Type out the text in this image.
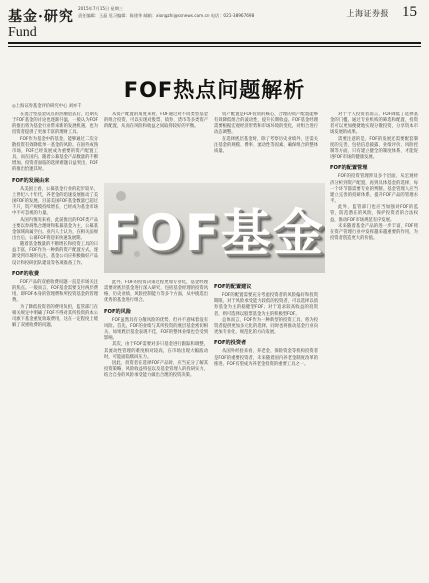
基金·研究
Fund
2015年7月15日 星期三
责任编辑：王晶 见习编辑：陈建华 邮箱：xiongzhi@ssnews.com.cn 电话：021-38967698	上海证券报 15
FOF热点问题解析
◎上海证券基金评价研究中心 刘亦千

在混合型基金试点的热潮退去后，近期关于FOF基金的讨论也逐渐升温，一般认为FOF的推出将为基金行业带来新的发展机遇，也为投资者提供了更加丰富的理财工具。

FOF作为基金中的基金，能够通过二次分散投资有效降低单一基金的风险。在国外成熟市场，FOF已经发展成为重要的资产配置工具，而在国内，随着公募基金产品数量的不断增加，投资者面临的选择难题日益突出，FOF的推出恰逢其时。

FOF的发展由来

从美国上看，公募基金行业的起步较早，上世纪八十年代，养老金的迅速发展推动了美国FOF的发展。目前美国FOF基金数量已超过千只，资产规模持续增长，已经成为基金市场中不可忽视的力量。

从国内情况来看，此前推出的FOF类产品主要以券商集合理财和私募基金为主，公募基金领域尚属空白。业内人士认为，在相关法规出台后，公募FOF将迎来快速发展期。

随着基金数量的不断增长和投资工具的日益丰富，FOF作为一种新的资产配置方式，逐渐受到市场的关注。基金公司应积极做好产品设计和投研团队建设等各项准备工作。

FOF的收费

FOF产品的双重收费问题一直是市场关注的焦点。一般而言，FOF基金需要支付两层费用，即FOF本身的管理费和所投资基金的管理费。

为了降低投资者的费用负担，监管部门在相关规定中明确了FOF不得对其所投资的本公司旗下基金重复收取费用，这在一定程度上缓解了双重收费的问题。

此外，FOF的投资决策过程更加专业化，基金经理需要对底层基金进行深入研究，包括基金经理的投资风格、历史业绩、风险控制能力等多个方面，从中挑选出优秀的基金进行组合。

FOF的风险

FOF虽然具有分散风险的优势，但并不意味着没有风险。首先，FOF的业绩与其所投资的底层基金密切相关，如果底层基金表现不佳，FOF的整体业绩也会受到影响。

其次，由于FOF需要对多只基金进行跟踪和调整，其流动性管理的难度相对较高，在市场出现大幅波动时，可能面临赎回压力。

因此，投资者在选择FOF产品时，应当充分了解其投资策略、风险收益特征以及基金管理人的投研实力，结合自身的风险承受能力做出合理的投资决策。

FOF的配置建议

FOF的配置需要充分考虑投资者的风险偏好和投资期限，对于风险承受能力较低的投资者，可以选择以债券基金为主的稳健型FOF；对于追求较高收益的投资者，则可选择以股票基金为主的积极型FOF。

总体而言，FOF作为一种新型的投资工具，将为投资者提供更加多元化的选择，同时也将推动基金行业向更加专业化、规范化的方向发展。

FOF的投资者

从国外经验来看，养老金、保险资金等机构投资者是FOF的重要投资者，未来随着国内养老金制度改革的推进，FOF有望成为养老金投资的重要工具之一。

对于个人投资者而言，FOF降低了选择基金的门槛，通过专业机构的筛选和配置，投资者可以更加便捷地实现分散投资，分享资本市场发展的成果。

需要注意的是，FOF的发展还需要配套制度的完善，包括信息披露、业绩评价、风险控制等方面，只有建立健全的制度体系，才能促进FOF市场的健康发展。

FOF的配置管理

FOF的投资管理涉及多个层面，从宏观经济分析到资产配置，再到具体基金的选择，每一个环节都需要专业的判断。基金管理人应当建立完善的投研体系，提升FOF产品的管理水平。

此外，监管部门也应当加强对FOF的监管，防范潜在的风险，保护投资者的合法权益，推动FOF市场规范有序发展。

未来随着基金产品的进一步丰富，FOF将在资产管理行业中发挥越来越重要的作用，为投资者创造更大的价值。

从资产配置的角度来看，FOF通过对不同类型基金的组合投资，可以实现对股票、债券、货币等多类资产的配置，从而在风险和收益之间取得较好的平衡。

资产配置是FOF投资的核心，合理的资产配置能够有效降低组合的波动性，提升长期收益。FOF基金经理需要根据宏观经济形势和市场环境的变化，对组合进行动态调整。

在选择底层基金时，除了考察历史业绩外，还需关注基金的规模、费率、流动性等因素，确保组合的整体质量。

FOF基金
